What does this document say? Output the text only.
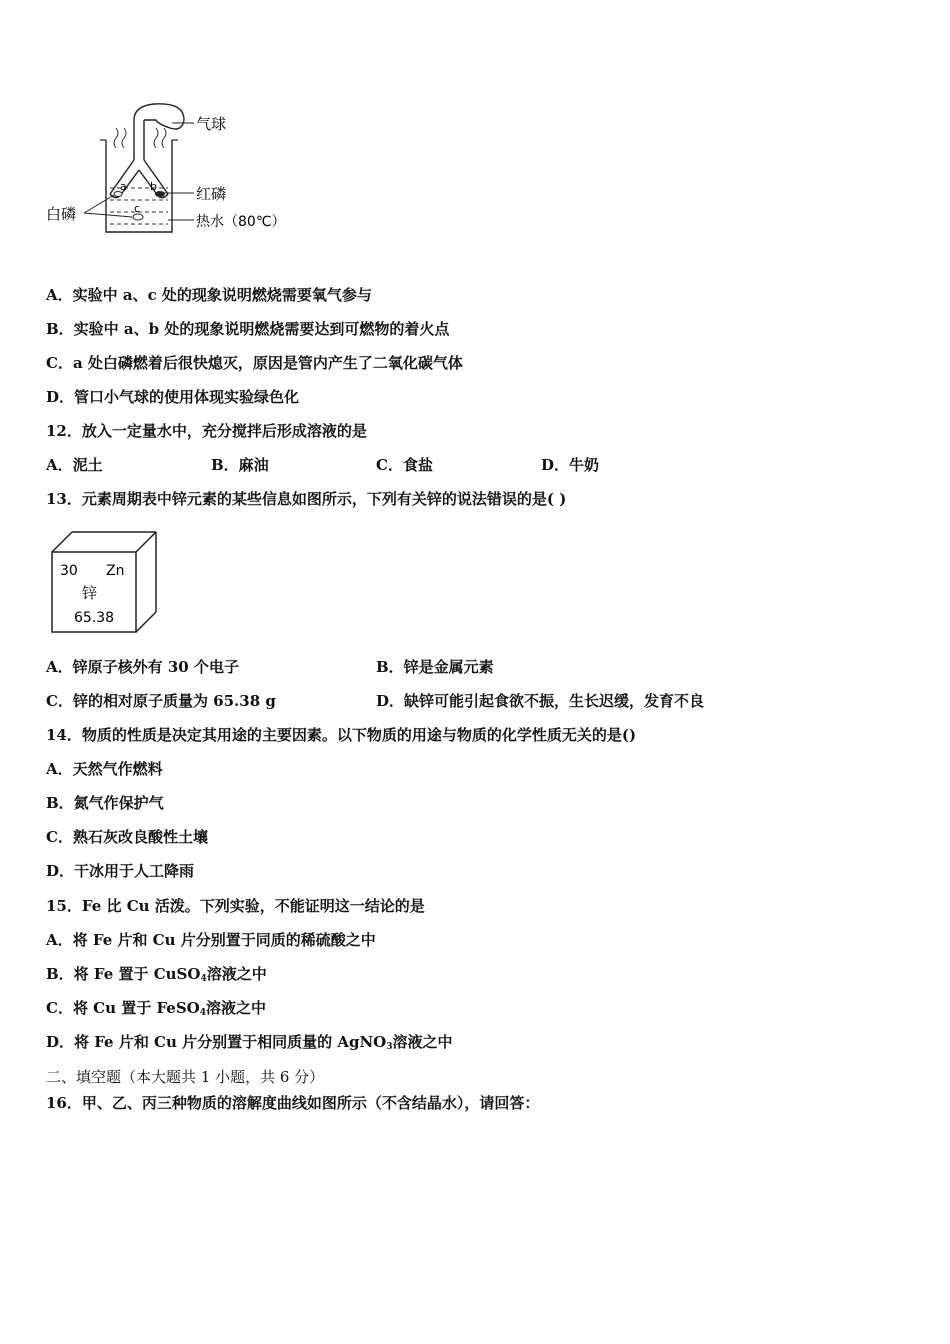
a b
c
气球
红磷
白磷	热水（80℃）
A．实验中 a、c 处的现象说明燃烧需要氧气参与
B．实验中 a、b 处的现象说明燃烧需要达到可燃物的着火点
C．a 处白磷燃着后很快熄灭，原因是管内产生了二氧化碳气体
D．管口小气球的使用体现实验绿色化
12．放入一定量水中，充分搅拌后形成溶液的是
A．泥土	B．麻油	C．食盐	D．牛奶
13．元素周期表中锌元素的某些信息如图所示，下列有关锌的说法错误的是( )
30 Zn
锌
65.38
A．锌原子核外有 30 个电子	B．锌是金属元素
C．锌的相对原子质量为 65.38 g	D．缺锌可能引起食欲不振，生长迟缓，发育不良
14．物质的性质是决定其用途的主要因素。以下物质的用途与物质的化学性质无关的是()
A．天然气作燃料
B．氮气作保护气
C．熟石灰改良酸性土壤
D．干冰用于人工降雨
15．Fe 比 Cu 活泼。下列实验，不能证明这一结论的是
A．将 Fe 片和 Cu 片分别置于同质的稀硫酸之中
B．将 Fe 置于 CuSO$_4$溶液之中
C．将 Cu 置于 FeSO$_4$溶液之中
D．将 Fe 片和 Cu 片分别置于相同质量的 AgNO$_3$溶液之中
二、填空题（本大题共 1 小题，共 6 分）
16．甲、乙、丙三种物质的溶解度曲线如图所示（不含结晶水），请回答：
